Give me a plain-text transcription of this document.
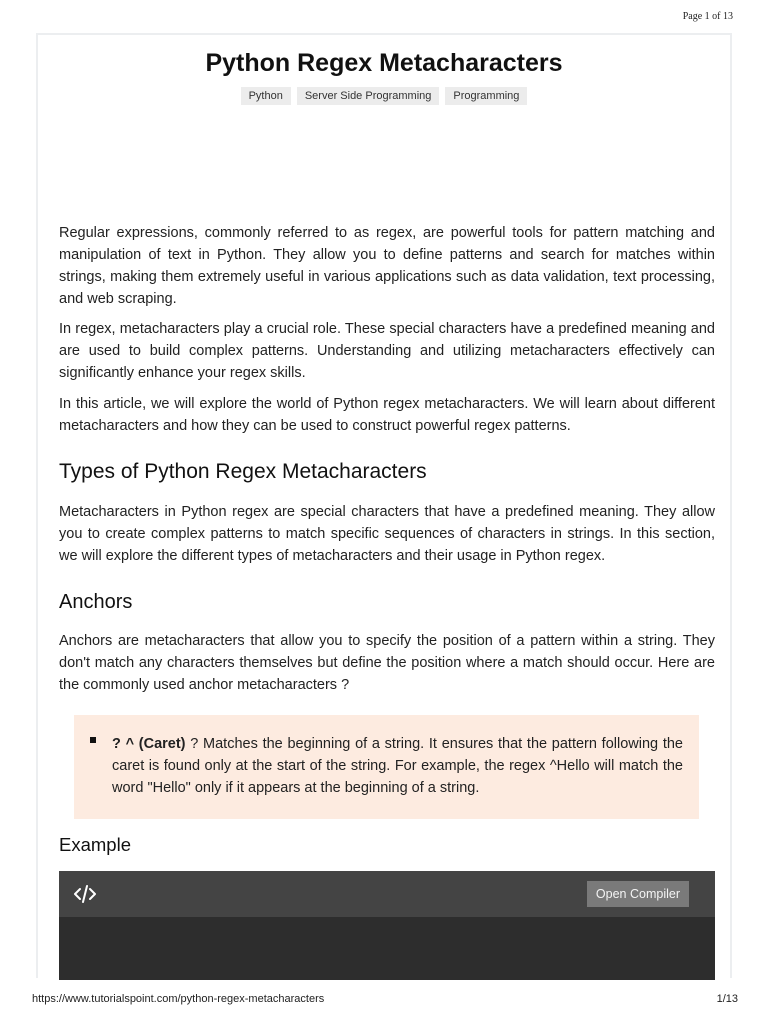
Page 1 of 13
Python Regex Metacharacters
Python Server Side Programming Programming

Regular expressions, commonly referred to as regex, are powerful tools for pattern matching and manipulation of text in Python. They allow you to define patterns and search for matches within strings, making them extremely useful in various applications such as data validation, text processing, and web scraping.

In regex, metacharacters play a crucial role. These special characters have a predefined meaning and are used to build complex patterns. Understanding and utilizing metacharacters effectively can significantly enhance your regex skills.

In this article, we will explore the world of Python regex metacharacters. We will learn about different metacharacters and how they can be used to construct powerful regex patterns.

Types of Python Regex Metacharacters

Metacharacters in Python regex are special characters that have a predefined meaning. They allow you to create complex patterns to match specific sequences of characters in strings. In this section, we will explore the different types of metacharacters and their usage in Python regex.

Anchors

Anchors are metacharacters that allow you to specify the position of a pattern within a string. They don't match any characters themselves but define the position where a match should occur. Here are the commonly used anchor metacharacters ?

? ^ (Caret) ? Matches the beginning of a string. It ensures that the pattern following the caret is found only at the start of the string. For example, the regex ^Hello will match the word "Hello" only if it appears at the beginning of a string.
Example
Open Compiler
https://www.tutorialspoint.com/python-regex-metacharacters	1/13
